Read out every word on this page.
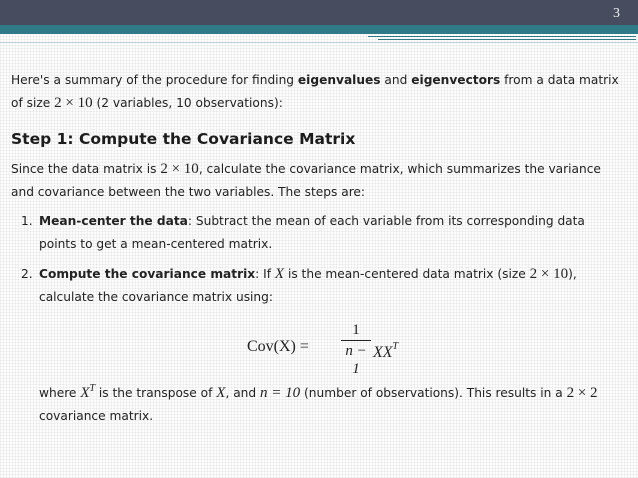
3

Here's a summary of the procedure for finding eigenvalues and eigenvectors from a data matrix of size 2 × 10 (2 variables, 10 observations):

Step 1: Compute the Covariance Matrix

Since the data matrix is 2 × 10, calculate the covariance matrix, which summarizes the variance and covariance between the two variables. The steps are:

1. Mean-center the data: Subtract the mean of each variable from its corresponding data points to get a mean-centered matrix.
2. Compute the covariance matrix: If X is the mean-centered data matrix (size 2 × 10), calculate the covariance matrix using:
Cov(X) =
1
n − 1
$XX^T$

where $X^T$ is the transpose of X, and n = 10 (number of observations). This results in a 2 × 2 covariance matrix.
